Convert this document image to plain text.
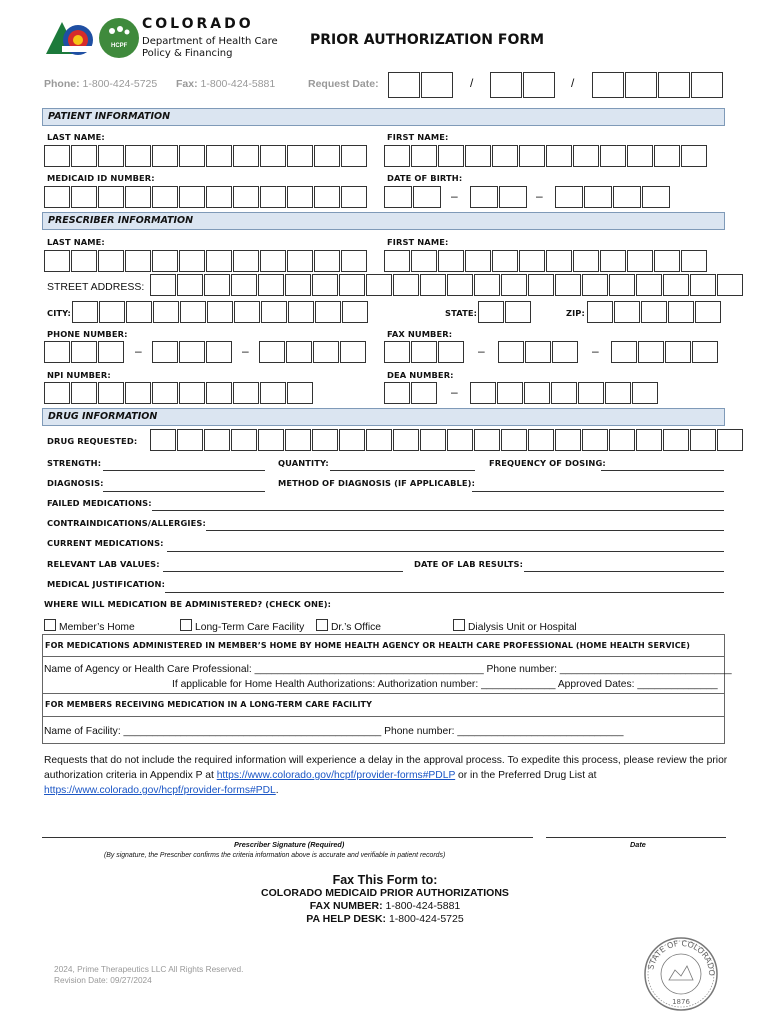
HCPF
COLORADO
Department of Health Care
Policy & Financing
PRIOR AUTHORIZATION FORM
Phone: 1-800-424-5725 Fax: 1-800-424-5881	Request Date:	/	/
PATIENT INFORMATION
LAST NAME:	FIRST NAME:
MEDICAID ID NUMBER:	DATE OF BIRTH:
–	–
PRESCRIBER INFORMATION
LAST NAME:	FIRST NAME:
STREET ADDRESS:
CITY:	STATE:	ZIP:
PHONE NUMBER:	FAX NUMBER:
–	–	–	–
NPI NUMBER:	DEA NUMBER:
–
DRUG INFORMATION
DRUG REQUESTED:
STRENGTH:	QUANTITY:	FREQUENCY OF DOSING:
DIAGNOSIS:	METHOD OF DIAGNOSIS (IF APPLICABLE):
FAILED MEDICATIONS:
CONTRAINDICATIONS/ALLERGIES:
CURRENT MEDICATIONS:
RELEVANT LAB VALUES:	DATE OF LAB RESULTS:
MEDICAL JUSTIFICATION:
WHERE WILL MEDICATION BE ADMINISTERED? (CHECK ONE):
Member’s Home	Long-Term Care Facility	Dr.’s Office	Dialysis Unit or Hospital
FOR MEDICATIONS ADMINISTERED IN MEMBER’S HOME BY HOME HEALTH AGENCY OR HEALTH CARE PROFESSIONAL (HOME HEALTH SERVICE)
Name of Agency or Health Care Professional: ________________________________________ Phone number: ______________________________
If applicable for Home Health Authorizations: Authorization number: _____________ Approved Dates: ______________
FOR MEMBERS RECEIVING MEDICATION IN A LONG-TERM CARE FACILITY
Name of Facility: _____________________________________________ Phone number: _____________________________
Requests that do not include the required information will experience a delay in the approval process. To expedite this process, please review the prior
authorization criteria in Appendix P at https://www.colorado.gov/hcpf/provider-forms#PDLP or in the Preferred Drug List at
https://www.colorado.gov/hcpf/provider-forms#PDL.
Prescriber Signature (Required)	Date
(By signature, the Prescriber confirms the criteria information above is accurate and verifiable in patient records)
Fax This Form to:
COLORADO MEDICAID PRIOR AUTHORIZATIONS
FAX NUMBER: 1-800-424-5881
PA HELP DESK: 1-800-424-5725
2024, Prime Therapeutics LLC All Rights Reserved.
Revision Date: 09/27/2024
STATE OF COLORADO
1876
